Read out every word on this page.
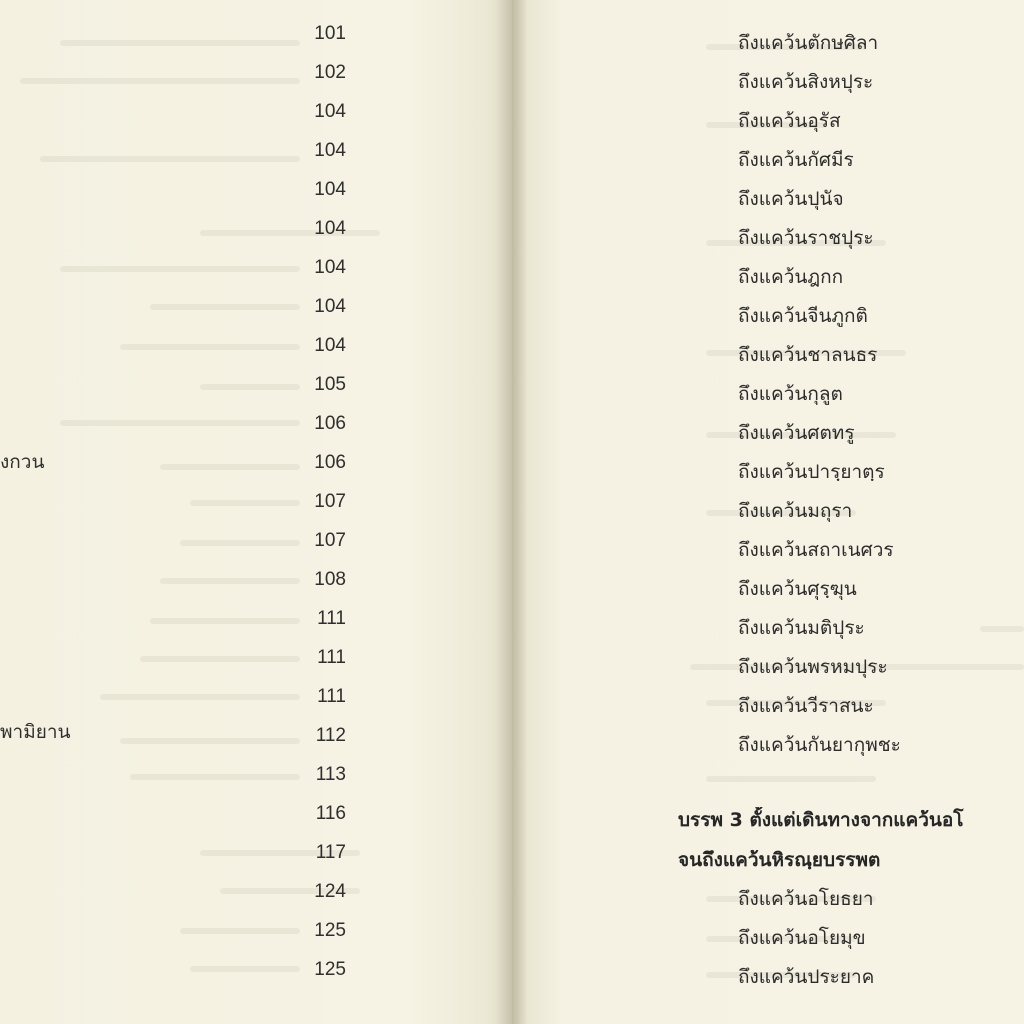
101
102
104
104
104
104
104
104
104
105
106
106
107
107
108
111
111
111
112
113
116
117
124
125
125
งกวน
พามิยาน
ถึงแคว้นตักษศิลา
ถึงแคว้นสิงหปุระ
ถึงแคว้นอุรัส
ถึงแคว้นกัศมีร
ถึงแคว้นปุนัจ
ถึงแคว้นราชปุระ
ถึงแคว้นฎกก
ถึงแคว้นจีนภูกติ
ถึงแคว้นชาลนธร
ถึงแคว้นกุลูต
ถึงแคว้นศตทรู
ถึงแคว้นปารฺยาตฺร
ถึงแคว้นมถุรา
ถึงแคว้นสถาเนศวร
ถึงแคว้นศุรฺฆุน
ถึงแคว้นมติปุระ
ถึงแคว้นพรหมปุระ
ถึงแคว้นวีราสนะ
ถึงแคว้นกันยากุพชะ
บรรพ 3 ตั้งแต่เดินทางจากแคว้นอโ
จนถึงแคว้นหิรณฺยบรรพต
ถึงแคว้นอโยธยา
ถึงแคว้นอโยมุข
ถึงแคว้นประยาค
